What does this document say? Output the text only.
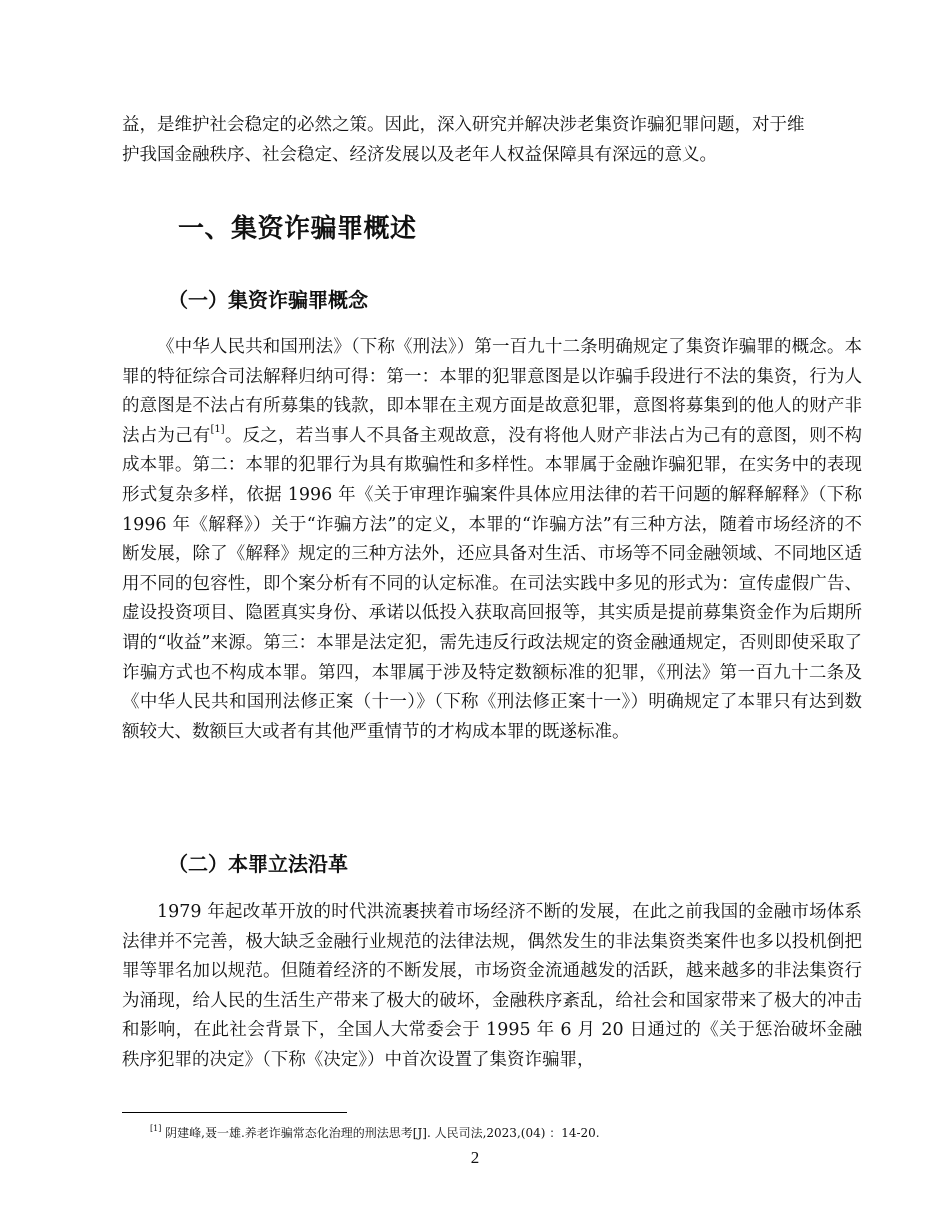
益，是维护社会稳定的必然之策。因此，深入研究并解决涉老集资诈骗犯罪问题，对于维
护我国金融秩序、社会稳定、经济发展以及老年人权益保障具有深远的意义。

一、集资诈骗罪概述
（一）集资诈骗罪概念

《中华人民共和国刑法》（下称《刑法》）第一百九十二条明确规定了集资诈骗罪的概念。本罪的特征综合司法解释归纳可得：第一：本罪的犯罪意图是以诈骗手段进行不法的集资，行为人的意图是不法占有所募集的钱款，即本罪在主观方面是故意犯罪，意图将募集到的他人的财产非法占为己有[1]。反之，若当事人不具备主观故意，没有将他人财产非法占为己有的意图，则不构成本罪。第二：本罪的犯罪行为具有欺骗性和多样性。本罪属于金融诈骗犯罪，在实务中的表现形式复杂多样，依据 1996 年《关于审理诈骗案件具体应用法律的若干问题的解释解释》（下称 1996 年《解释》）关于“诈骗方法”的定义，本罪的“诈骗方法”有三种方法，随着市场经济的不断发展，除了《解释》规定的三种方法外，还应具备对生活、市场等不同金融领域、不同地区适用不同的包容性，即个案分析有不同的认定标准。在司法实践中多见的形式为：宣传虚假广告、虚设投资项目、隐匿真实身份、承诺以低投入获取高回报等，其实质是提前募集资金作为后期所谓的“收益”来源。第三：本罪是法定犯，需先违反行政法规定的资金融通规定，否则即使采取了诈骗方式也不构成本罪。第四，本罪属于涉及特定数额标准的犯罪，《刑法》第一百九十二条及《中华人民共和国刑法修正案（十一）》（下称《刑法修正案十一》）明确规定了本罪只有达到数额较大、数额巨大或者有其他严重情节的才构成本罪的既遂标准。

（二）本罪立法沿革

1979 年起改革开放的时代洪流裹挟着市场经济不断的发展，在此之前我国的金融市场体系法律并不完善，极大缺乏金融行业规范的法律法规，偶然发生的非法集资类案件也多以投机倒把罪等罪名加以规范。但随着经济的不断发展，市场资金流通越发的活跃，越来越多的非法集资行为涌现，给人民的生活生产带来了极大的破坏，金融秩序紊乱，给社会和国家带来了极大的冲击和影响，在此社会背景下，全国人大常委会于 1995 年 6 月 20 日通过的《关于惩治破坏金融秩序犯罪的决定》（下称《决定》）中首次设置了集资诈骗罪，

[1] 阴建峰,聂一雄.养老诈骗常态化治理的刑法思考[J]. 人民司法,2023,(04) ：14-20.

2
